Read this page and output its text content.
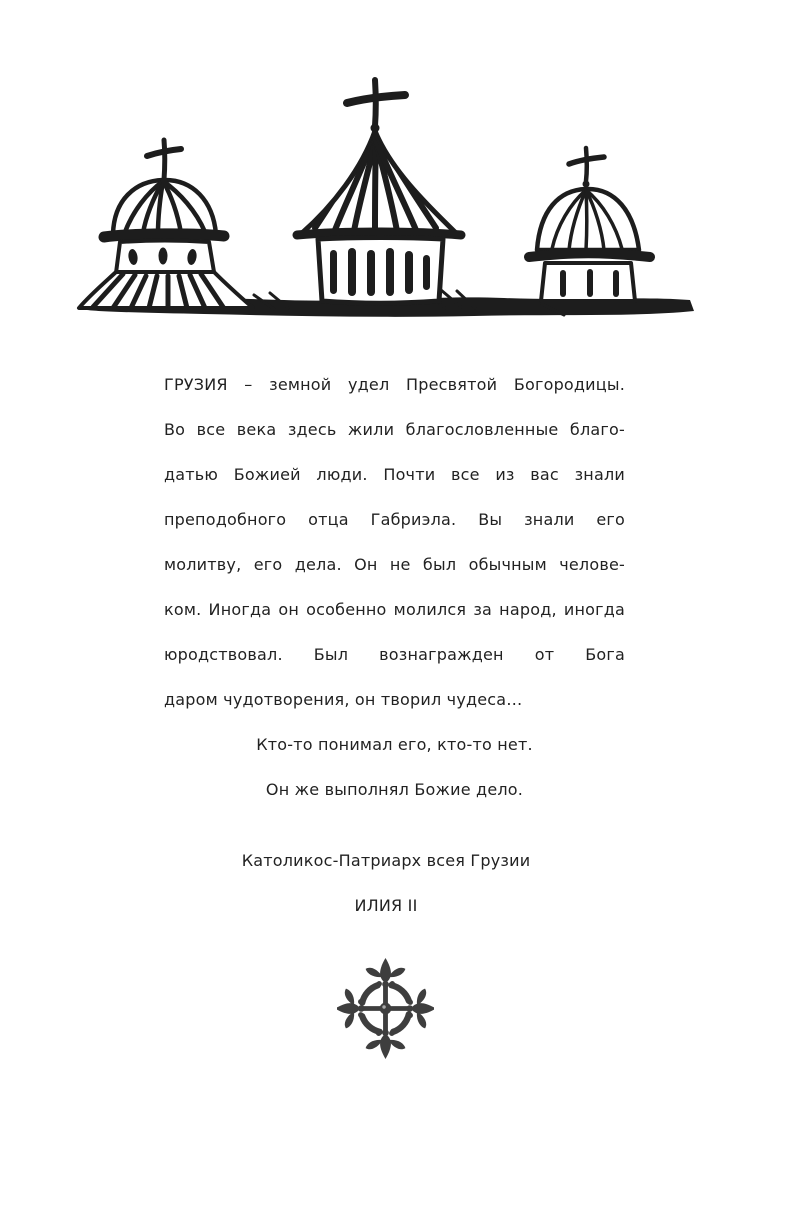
ГРУЗИЯ – земной удел Пресвятой Богородицы.
Во все века здесь жили благословленные благо-
датью Божией люди. Почти все из вас знали
преподобного отца Габриэла. Вы знали его
молитву, его дела. Он не был обычным челове-
ком. Иногда он особенно молился за народ, иногда
юродствовал. Был вознагражден от Бога
даром чудотворения, он творил чудеса…
Кто-то понимал его, кто-то нет.
Он же выполнял Божие дело.
Католикос-Патриарх всея Грузии
ИЛИЯ II
